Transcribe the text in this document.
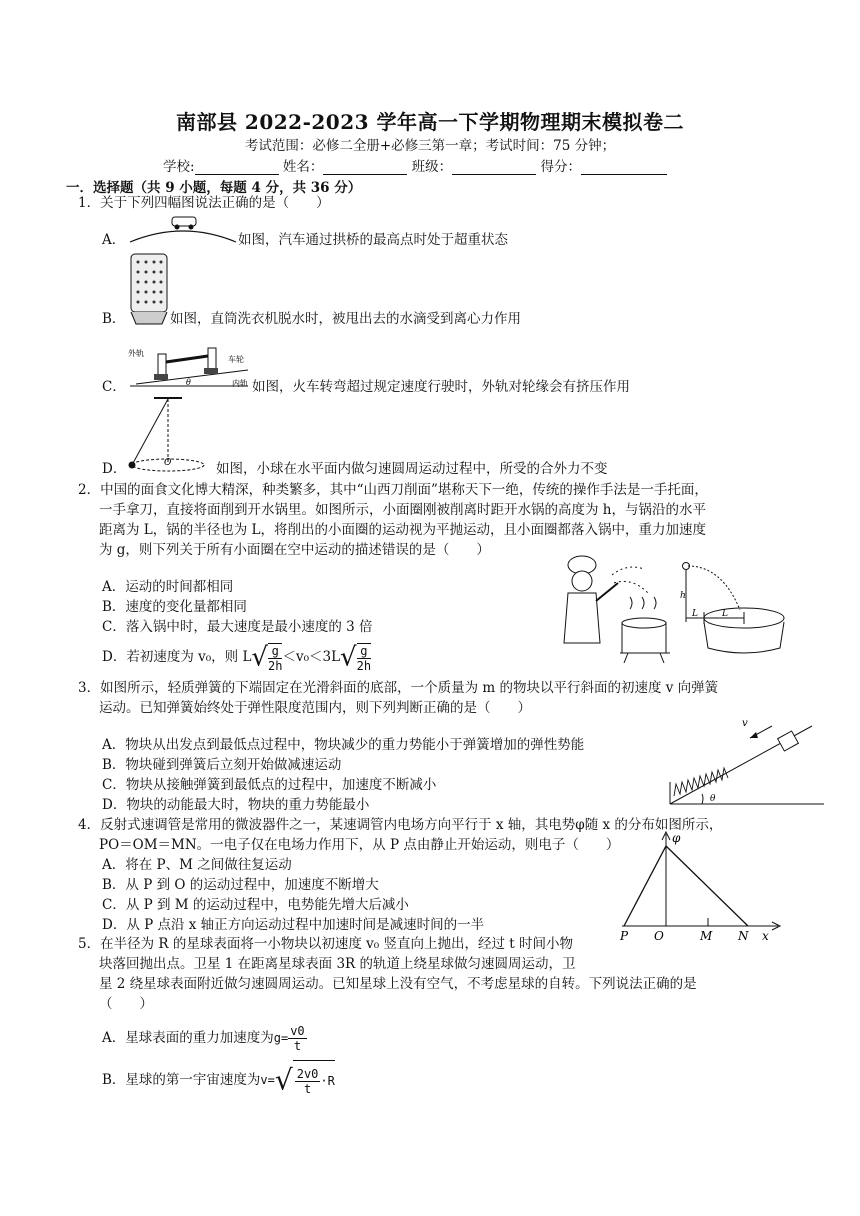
南部县 2022-2023 学年高一下学期物理期末模拟卷二
考试范围：必修二全册+必修三第一章；考试时间：75 分钟；
学校:	姓名：	班级：	得分：
一．选择题（共 9 小题，每题 4 分，共 36 分）
1．关于下列四幅图说法正确的是（　　）
A．	如图，汽车通过拱桥的最高点时处于超重状态
B．	如图，直筒洗衣机脱水时，被甩出去的水滴受到离心力作用
外轨
车轮
内轨
θ
C．	如图，火车转弯超过规定速度行驶时，外轨对轮缘会有挤压作用
O
D．	如图，小球在水平面内做匀速圆周运动过程中，所受的合外力不变
2．中国的面食文化博大精深，种类繁多，其中“山西刀削面”堪称天下一绝，传统的操作手法是一手托面，
一手拿刀，直接将面削到开水锅里。如图所示，小面圈刚被削离时距开水锅的高度为 h，与锅沿的水平
距离为 L，锅的半径也为 L，将削出的小面圈的运动视为平抛运动，且小面圈都落入锅中，重力加速度
为 g，则下列关于所有小面圈在空中运动的描述错误的是（　　）
A．运动的时间都相同
B．速度的变化量都相同
C．落入锅中时，最大速度是最小速度的 3 倍
D．若初速度为 v₀，则 $L√ \frac{g}{2h} <v_0<3L√ \frac{g}{2h}$
h
L	L
3．如图所示，轻质弹簧的下端固定在光滑斜面的底部，一个质量为 m 的物块以平行斜面的初速度 v 向弹簧
运动。已知弹簧始终处于弹性限度范围内，则下列判断正确的是（　　）
A．物块从出发点到最低点过程中，物块减少的重力势能小于弹簧增加的弹性势能
B．物块碰到弹簧后立刻开始做减速运动
C．物块从接触弹簧到最低点的过程中，加速度不断减小
D．物块的动能最大时，物块的重力势能最小
v
θ
4．反射式速调管是常用的微波器件之一，某速调管内电场方向平行于 x 轴，其电势φ随 x 的分布如图所示，
PO＝OM＝MN。一电子仅在电场力作用下，从 P 点由静止开始运动，则电子（　　）
A．将在 P、M 之间做往复运动
B．从 P 到 O 的运动过程中，加速度不断增大
C．从 P 到 M 的运动过程中，电势能先增大后减小
D．从 P 点沿 x 轴正方向运动过程中加速时间是减速时间的一半
φ
P O	M N x
5．在半径为 R 的星球表面将一小物块以初速度 v₀ 竖直向上抛出，经过 t 时间小物
块落回抛出点。卫星 1 在距离星球表面 3R 的轨道上绕星球做匀速圆周运动，卫
星 2 绕星球表面附近做匀速圆周运动。已知星球上没有空气，不考虑星球的自转。下列说法正确的是
（　　）
A．星球表面的重力加速度为$g= \frac{v0}{t}$
B．星球的第一宇宙速度为$v=√ \frac{2v0}{t} \cdot R$
